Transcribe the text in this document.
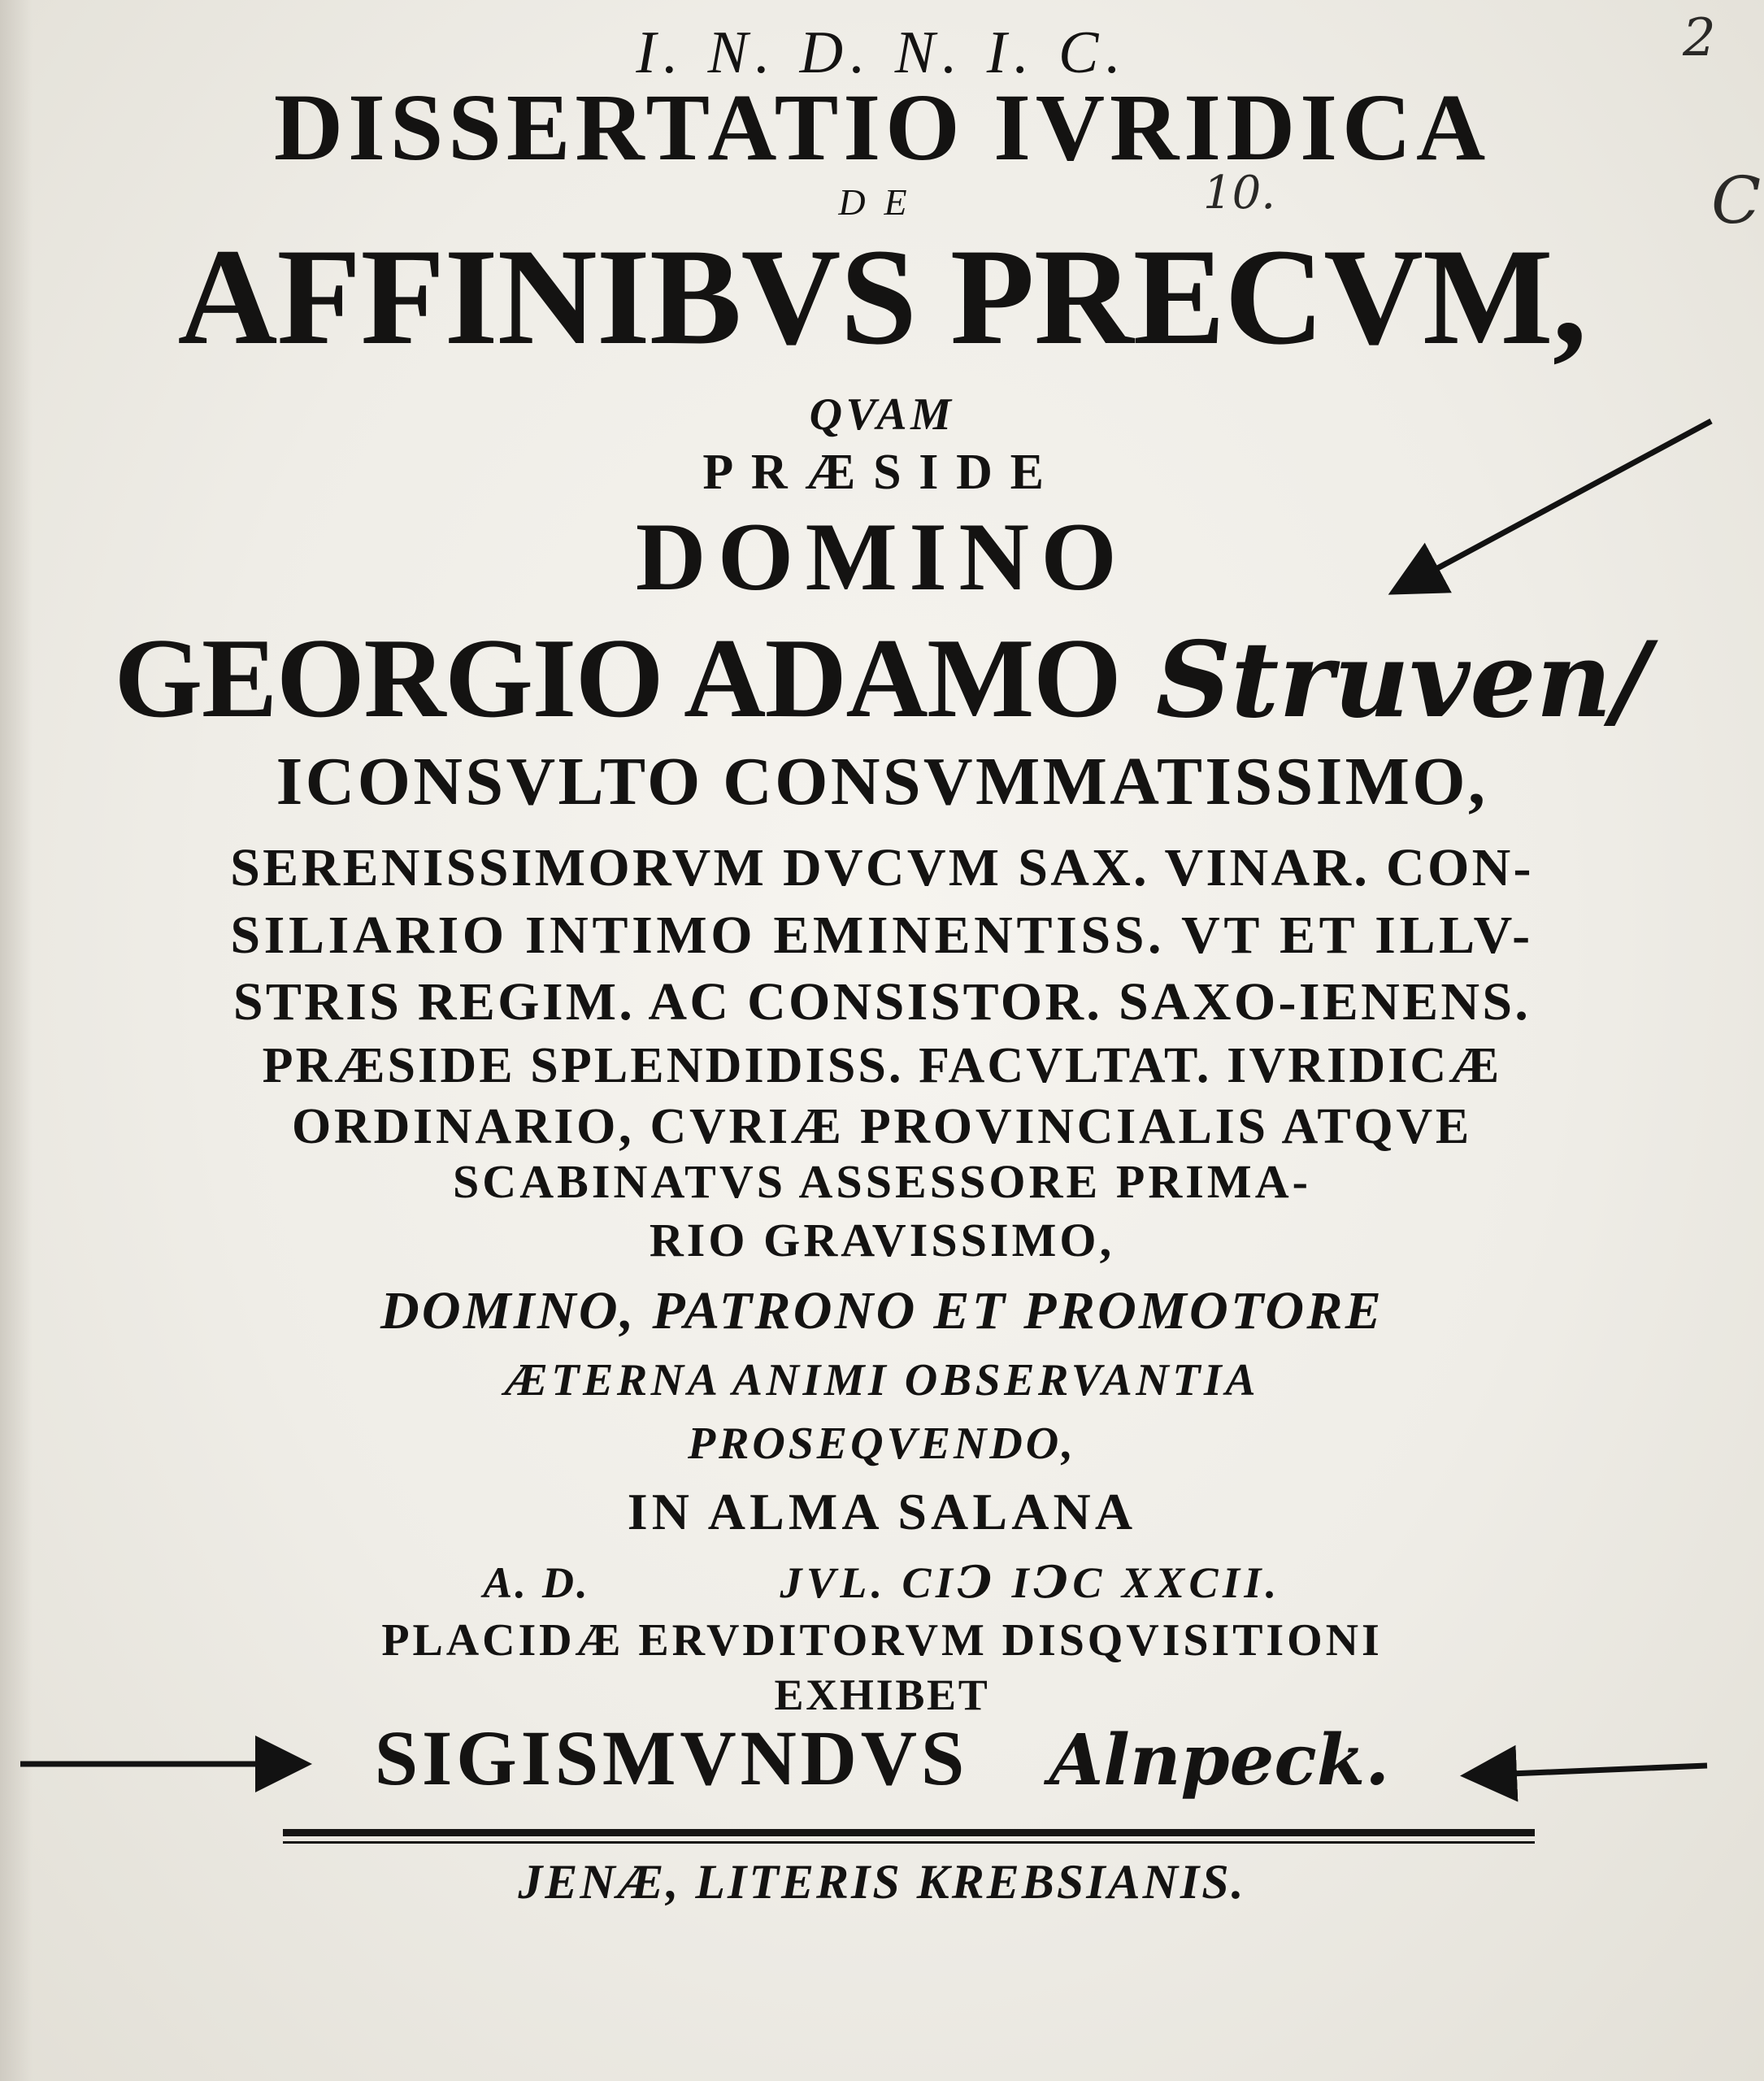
I. N. D. N. I. C.
DISSERTATIO IVRIDICA
DE
AFFINIBVS PRECVM,
QVAM
PRÆSIDE
DOMINO
GEORGIO ADAMO Struven/
ICONSVLTO CONSVMMATISSIMO,
SERENISSIMORVM DVCVM SAX. VINAR. CON-
SILIARIO INTIMO EMINENTISS. VT ET ILLV-
STRIS REGIM. AC CONSISTOR. SAXO-IENENS.
PRÆSIDE SPLENDIDISS. FACVLTAT. IVRIDICÆ
ORDINARIO, CVRIÆ PROVINCIALIS ATQVE
SCABINATVS ASSESSORE PRIMA-
RIO GRAVISSIMO,
DOMINO, PATRONO ET PROMOTORE
ÆTERNA ANIMI OBSERVANTIA
PROSEQVENDO,
IN ALMA SALANA
A. D.	JVL. CIↃ IↃC XXCII.
PLACIDÆ ERVDITORVM DISQVISITIONI
EXHIBET
SIGISMVNDVS Alnpeck.
JENÆ, LITERIS KREBSIANIS.
2
10.	C
